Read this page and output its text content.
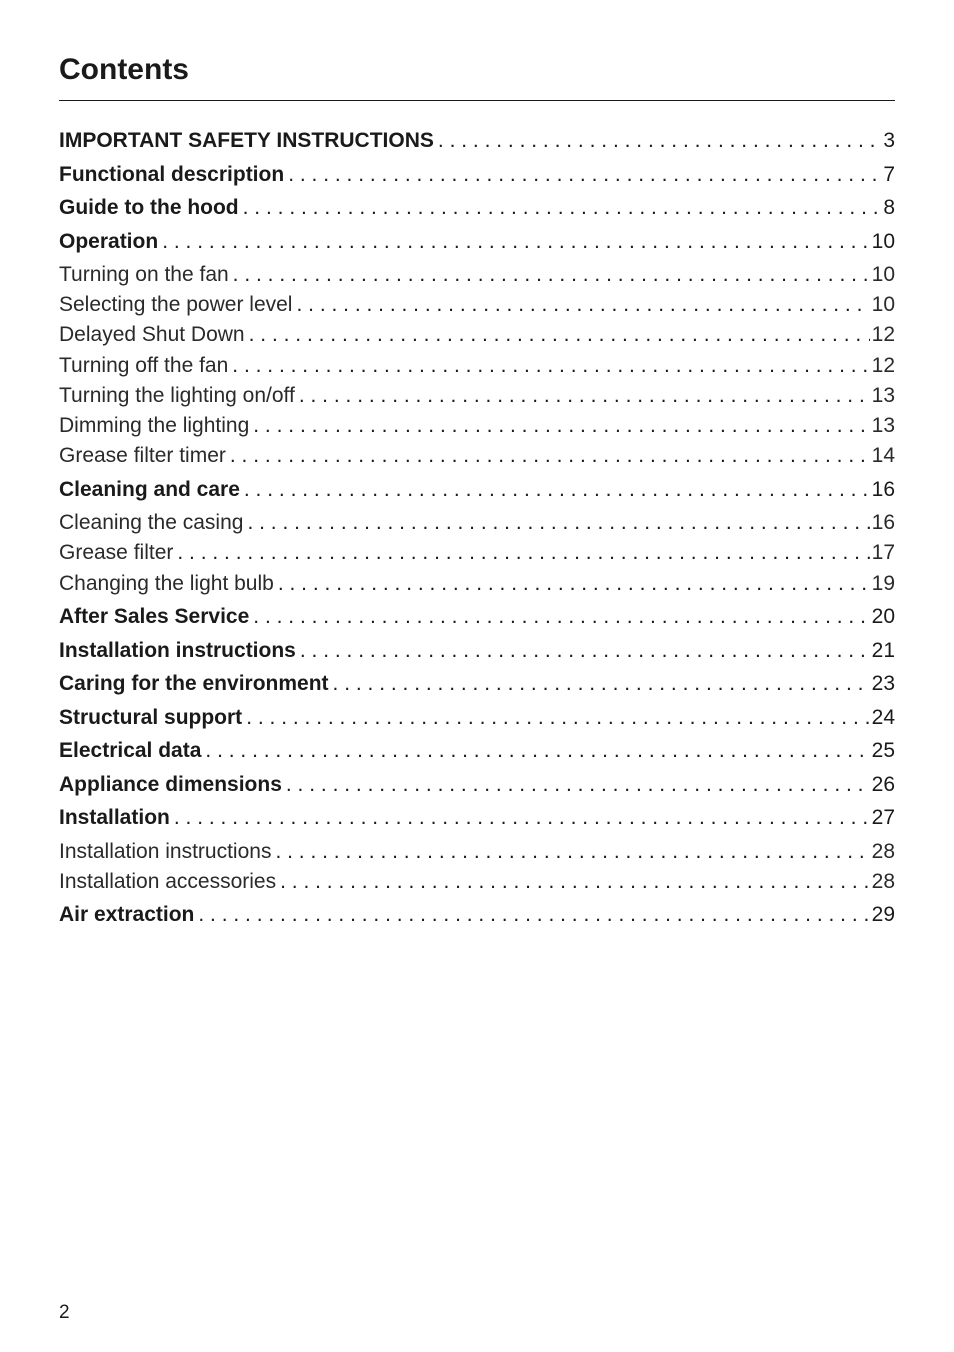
Contents
IMPORTANT SAFETY INSTRUCTIONS . . .	3
Functional description . . .	7
Guide to the hood . . .	8
Operation . . .	10
Turning on the fan . . .	10
Selecting the power level . . .	10
Delayed Shut Down . . .	12
Turning off the fan . . .	12
Turning the lighting on/off . . .	13
Dimming the lighting . . .	13
Grease filter timer . . .	14
Cleaning and care . . .	16
Cleaning the casing . . .	16
Grease filter . . .	17
Changing the light bulb . . .	19
After Sales Service . . .	20
Installation instructions . . .	21
Caring for the environment . . .	23
Structural support . . .	24
Electrical data . . .	25
Appliance dimensions . . .	26
Installation . . .	27
Installation instructions . . .	28
Installation accessories . . .	28
Air extraction . . .	29
2
